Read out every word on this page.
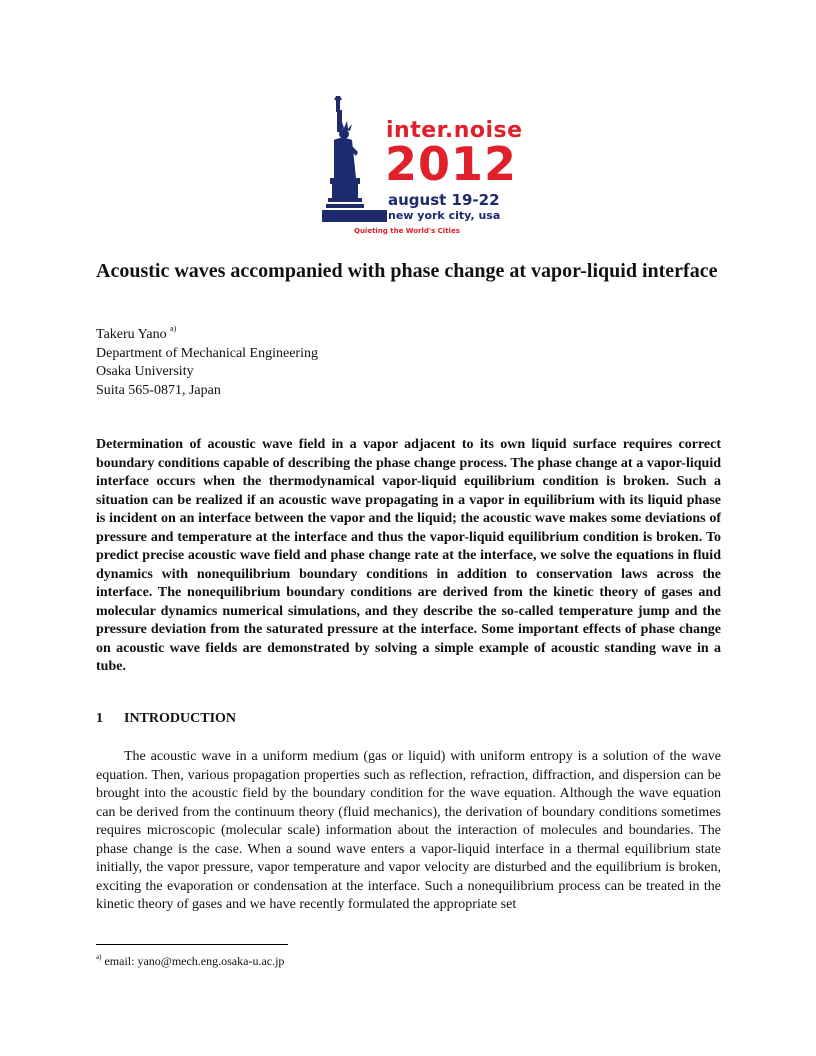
inter.noise
2012
august 19-22
new york city, usa
Quieting the World's Cities
Acoustic waves accompanied with phase change at vapor-liquid interface
Takeru Yano $^{a)}$
Department of Mechanical Engineering
Osaka University
Suita 565-0871, Japan
Determination of acoustic wave field in a vapor adjacent to its own liquid surface requires correct boundary conditions capable of describing the phase change process. The phase change at a vapor-liquid interface occurs when the thermodynamical vapor-liquid equilibrium condition is broken. Such a situation can be realized if an acoustic wave propagating in a vapor in equilibrium with its liquid phase is incident on an interface between the vapor and the liquid; the acoustic wave makes some deviations of pressure and temperature at the interface and thus the vapor-liquid equilibrium condition is broken. To predict precise acoustic wave field and phase change rate at the interface, we solve the equations in fluid dynamics with nonequilibrium boundary conditions in addition to conservation laws across the interface. The nonequilibrium boundary conditions are derived from the kinetic theory of gases and molecular dynamics numerical simulations, and they describe the so-called temperature jump and the pressure deviation from the saturated pressure at the interface. Some important effects of phase change on acoustic wave fields are demonstrated by solving a simple example of acoustic standing wave in a tube.
1 INTRODUCTION
The acoustic wave in a uniform medium (gas or liquid) with uniform entropy is a solution of the wave equation. Then, various propagation properties such as reflection, refraction, diffraction, and dispersion can be brought into the acoustic field by the boundary condition for the wave equation. Although the wave equation can be derived from the continuum theory (fluid mechanics), the derivation of boundary conditions sometimes requires microscopic (molecular scale) information about the interaction of molecules and boundaries. The phase change is the case. When a sound wave enters a vapor-liquid interface in a thermal equilibrium state initially, the vapor pressure, vapor temperature and vapor velocity are disturbed and the equilibrium is broken, exciting the evaporation or condensation at the interface. Such a nonequilibrium process can be treated in the kinetic theory of gases and we have recently formulated the appropriate set
$^{a)}$ email: yano@mech.eng.osaka-u.ac.jp
